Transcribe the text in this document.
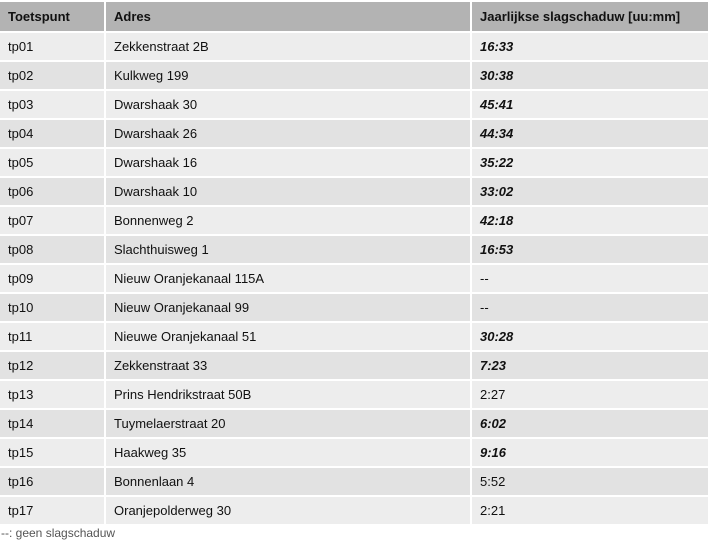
Toetspunt	Adres	Jaarlijkse slagschaduw [uu:mm]
tp01	Zekkenstraat 2B	16:33
tp02	Kulkweg 199	30:38
tp03	Dwarshaak 30	45:41
tp04	Dwarshaak 26	44:34
tp05	Dwarshaak 16	35:22
tp06	Dwarshaak 10	33:02
tp07	Bonnenweg 2	42:18
tp08	Slachthuisweg 1	16:53
tp09	Nieuw Oranjekanaal 115A	--
tp10	Nieuw Oranjekanaal 99	--
tp11	Nieuwe Oranjekanaal 51	30:28
tp12	Zekkenstraat 33	7:23
tp13	Prins Hendrikstraat 50B	2:27
tp14	Tuymelaerstraat 20	6:02
tp15	Haakweg 35	9:16
tp16	Bonnenlaan 4	5:52
tp17	Oranjepolderweg 30	2:21
--: geen slagschaduw
